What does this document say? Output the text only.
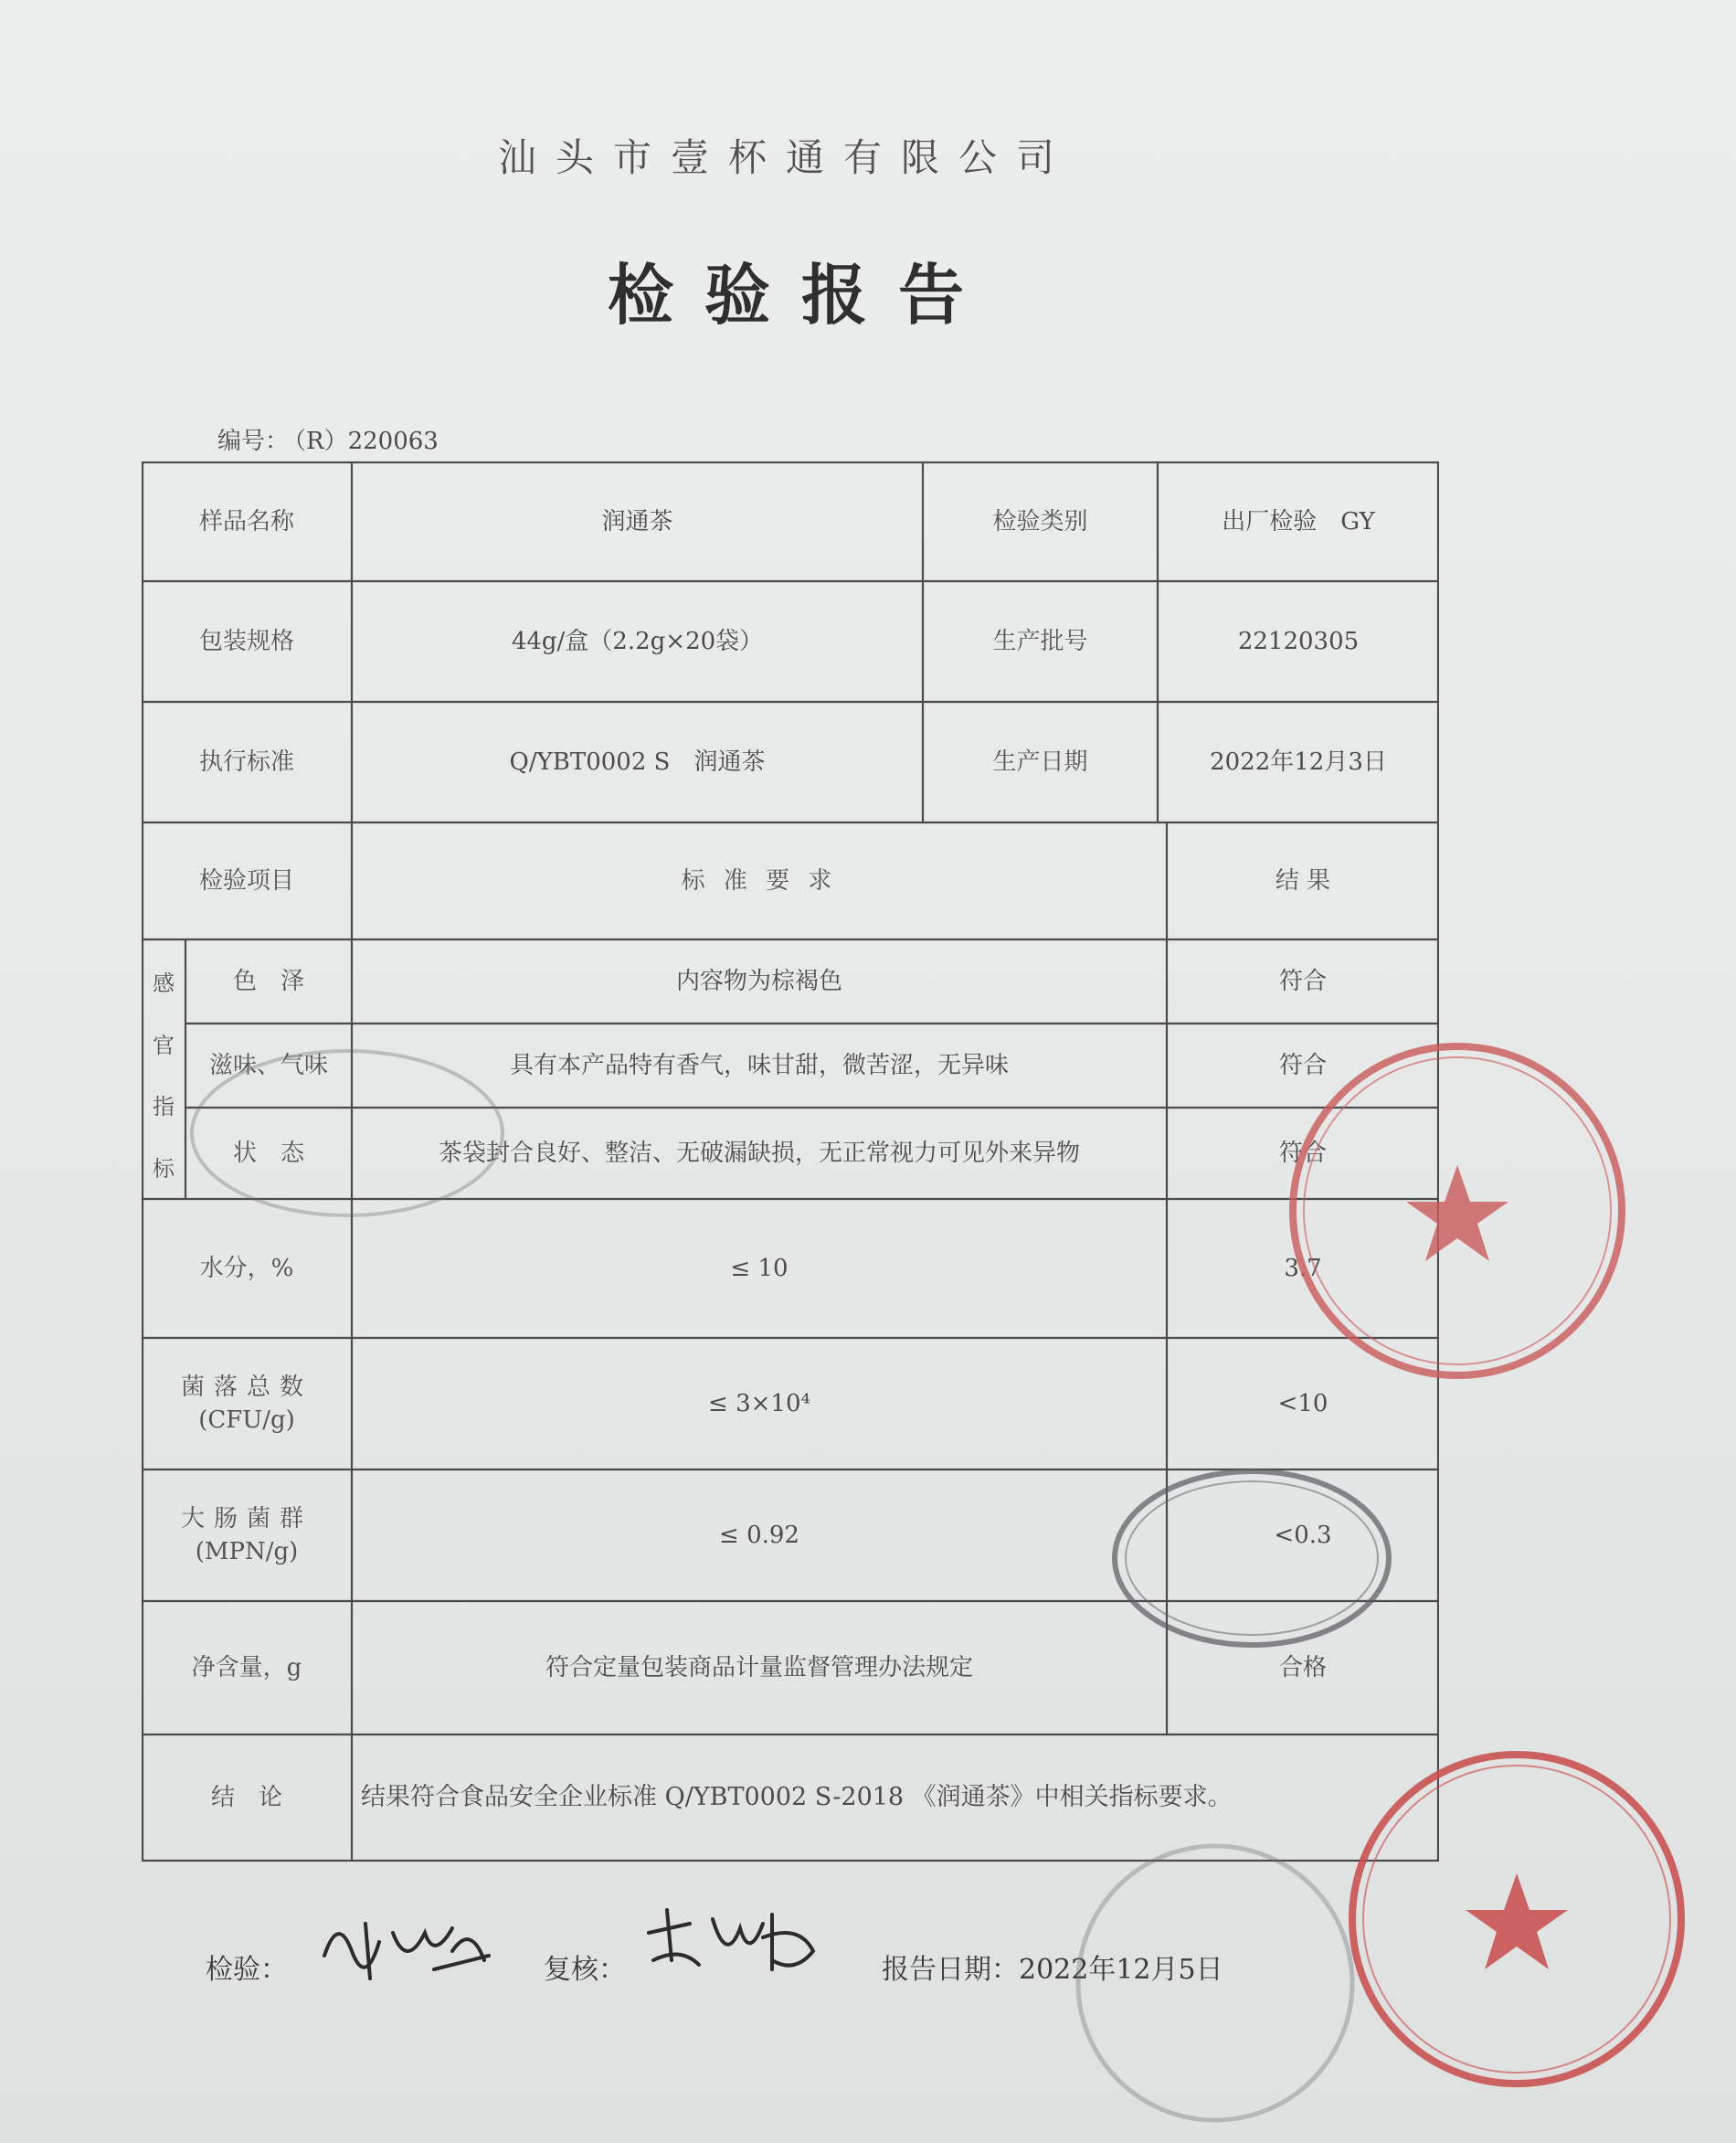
汕头市壹杯通有限公司
检验报告
编号： （R）220063
样品名称	润通茶	检验类别	出厂检验　GY
包装规格	44g/盒（2.2g×20袋）	生产批号	22120305
执行标准	Q/YBT0002 S　润通茶	生产日期	2022年12月3日
检验项目	标 准 要 求	结 果
感
官
指
标
色　泽	内容物为棕褐色	符合
滋味、气味	具有本产品特有香气，味甘甜，微苦涩，无异味	符合
状　态	茶袋封合良好、整洁、无破漏缺损，无正常视力可见外来异物	符合
水分，%	≤ 10	3.7
菌落总数
(CFU/g)
≤ 3×10⁴	<10
大肠菌群
(MPN/g)
≤ 0.92	<0.3
净含量，g	符合定量包装商品计量监督管理办法规定	合格
结　论	结果符合食品安全企业标准 Q/YBT0002 S-2018 《润通茶》中相关指标要求。
检验：	复核：	报告日期：2022年12月5日
